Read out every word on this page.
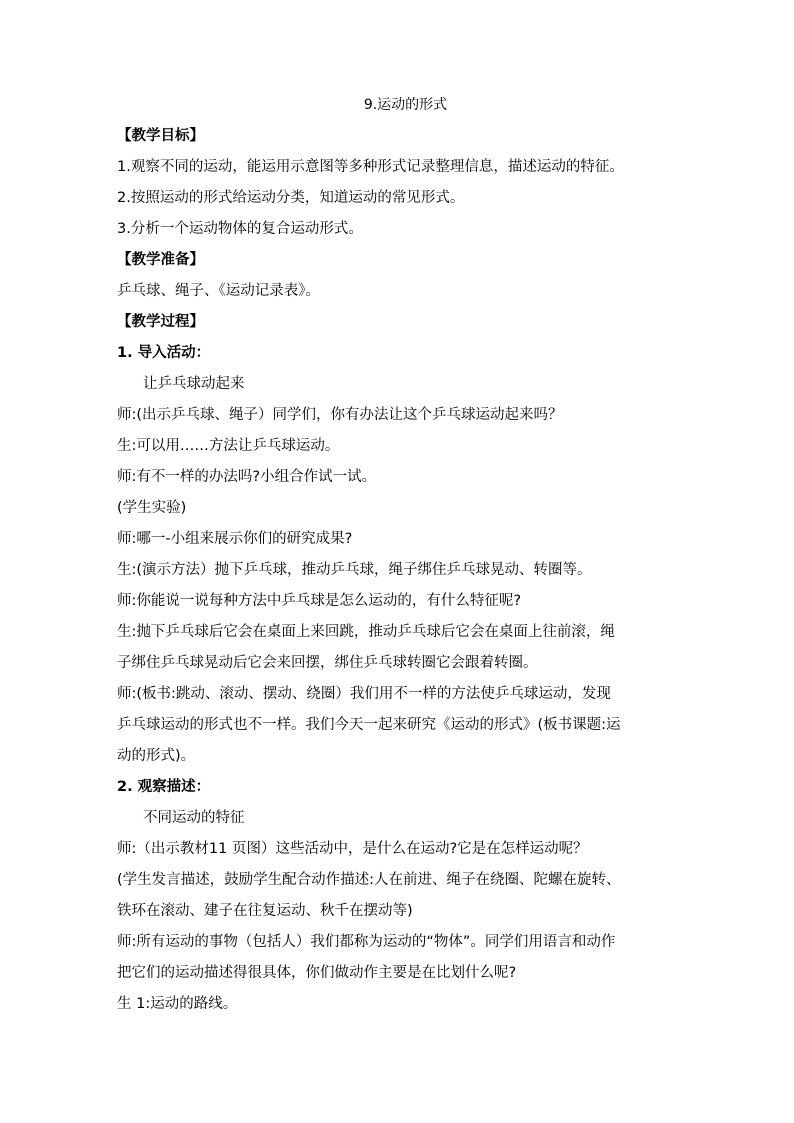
9.运动的形式

【教学目标】

1.观察不同的运动，能运用示意图等多种形式记录整理信息，描述运动的特征。

2.按照运动的形式给运动分类，知道运动的常见形式。

3.分析一个运动物体的复合运动形式。

【教学准备】

乒乓球、绳子、《运动记录表》。

【教学过程】

1. 导入活动：

让乒乓球动起来

师:(出示乒乓球、绳子）同学们，你有办法让这个乒乓球运动起来吗？

生:可以用……方法让乒乓球运动。

师:有不一样的办法吗?小组合作试一试。

(学生实验)

师:哪一-小组来展示你们的研究成果?

生:(演示方法）抛下乒乓球，推动乒乓球，绳子绑住乒乓球晃动、转圈等。

师:你能说一说每种方法中乒乓球是怎么运动的，有什么特征呢?

生:抛下乒乓球后它会在桌面上来回跳，推动乒乓球后它会在桌面上往前滚，绳

子绑住乒乓球晃动后它会来回摆，绑住乒乓球转圈它会跟着转圈。

师:(板书:跳动、滚动、摆动、绕圈）我们用不一样的方法使乒乓球运动，发现

乒乓球运动的形式也不一样。我们今天一起来研究《运动的形式》(板书课题:运

动的形式)。

2. 观察描述：

不同运动的特征

师:（出示教材11 页图）这些活动中，是什么在运动?它是在怎样运动呢？

(学生发言描述，鼓励学生配合动作描述:人在前进、绳子在绕圈、陀螺在旋转、

铁环在滚动、建子在往复运动、秋千在摆动等)

师:所有运动的事物（包括人）我们都称为运动的“物体”。同学们用语言和动作

把它们的运动描述得很具体，你们做动作主要是在比划什么呢?

生 1:运动的路线。
